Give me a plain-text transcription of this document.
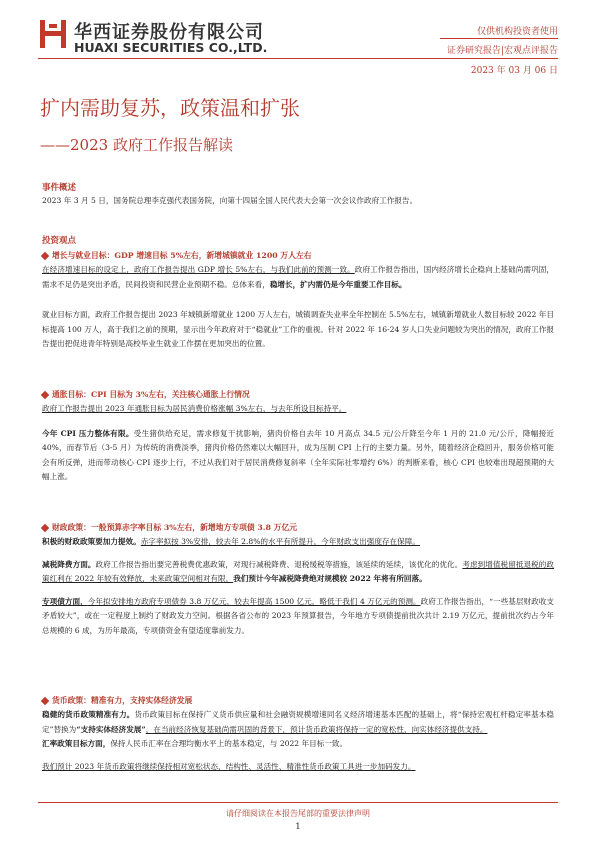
华西证券股份有限公司
HUAXI SECURITIES CO.,LTD.
仅供机构投资者使用
证券研究报告|宏观点评报告
2023 年 03 月 06 日
扩内需助复苏，政策温和扩张
——2023 政府工作报告解读
事件概述
2023 年 3 月 5 日，国务院总理李克强代表国务院，向第十四届全国人民代表大会第一次会议作政府工作报告。
投资观点
增长与就业目标：GDP 增速目标 5%左右，新增城镇就业 1200 万人左右

在经济增速目标的设定上，政府工作报告提出 GDP 增长 5%左右，与我们此前的预测一致。政府工作报告指出，国内经济增长企稳向上基础尚需巩固，需求不足仍是突出矛盾，民间投资和民营企业预期不稳。总体来看，稳增长，扩内需仍是今年重要工作目标。

就业目标方面，政府工作报告提出 2023 年城镇新增就业 1200 万人左右，城镇调查失业率全年控制在 5.5%左右，城镇新增就业人数目标较 2022 年目标提高 100 万人，高于我们之前的预期，显示出今年政府对于“稳就业”工作的重视。针对 2022 年 16-24 岁人口失业问题较为突出的情况，政府工作报告提出把促进青年特别是高校毕业生就业工作摆在更加突出的位置。

通胀目标：CPI 目标为 3%左右，关注核心通胀上行情况

政府工作报告提出 2023 年通胀目标为居民消费价格涨幅 3%左右，与去年所设目标持平。

今年 CPI 压力整体有限。受生猪供给充足，需求修复干扰影响，猪肉价格自去年 10 月高点 34.5 元/公斤降至今年 1 月的 21.0 元/公斤，降幅接近 40%，而春节后（3-5 月）为传统的消费淡季，猪肉价格仍然难以大幅回升，成为压制 CPI 上行的主要力量。另外，随着经济企稳回升，服务价格可能会有所反弹，进而带动核心 CPI 逐步上行，不过从我们对于居民消费修复斜率（全年实际社零增约 6%）的判断来看，核心 CPI 也较难出现超预期的大幅上涨。

财政政策：一般预算赤字率目标 3%左右，新增地方专项债 3.8 万亿元

积极的财政政策要加力提效。赤字率拟按 3%安排，较去年 2.8%的水平有所提升，今年财政支出强度存在保障。

减税降费方面。政府工作报告指出要完善税费优惠政策，对现行减税降费、退税缓税等措施，该延续的延续，该优化的优化。考虑到增值税留抵退税的政策红利在 2022 年较有效释放，未来政策空间相对有限，我们预计今年减税降费绝对规模较 2022 年将有所回落。

专项债方面，今年拟安排地方政府专项债券 3.8 万亿元，较去年提高 1500 亿元，略低于我们 4 万亿元的预测。政府工作报告指出，“一些基层财政收支矛盾较大”，或在一定程度上制约了财政发力空间。根据各省公布的 2023 年预算报告，今年地方专项债提前批次共计 2.19 万亿元，提前批次约占今年总规模的 6 成，为历年最高，专项债资金有望适度靠前发力。

货币政策：精准有力，支持实体经济发展

稳健的货币政策精准有力。货币政策目标在保持广义货币供应量和社会融资规模增速同名义经济增速基本匹配的基础上，将“保持宏观杠杆稳定率基本稳定”替换为“支持实体经济发展”，在当前经济恢复基础尚需巩固的背景下，预计货币政策将保持一定的宽松性，向实体经济提供支持。

汇率政策目标方面，保持人民币汇率在合理均衡水平上的基本稳定，与 2022 年目标一致。

我们预计 2023 年货币政策将继续保持相对宽松状态，结构性、灵活性、精准性货币政策工具进一步加码发力。

请仔细阅读在本报告尾部的重要法律声明
1
